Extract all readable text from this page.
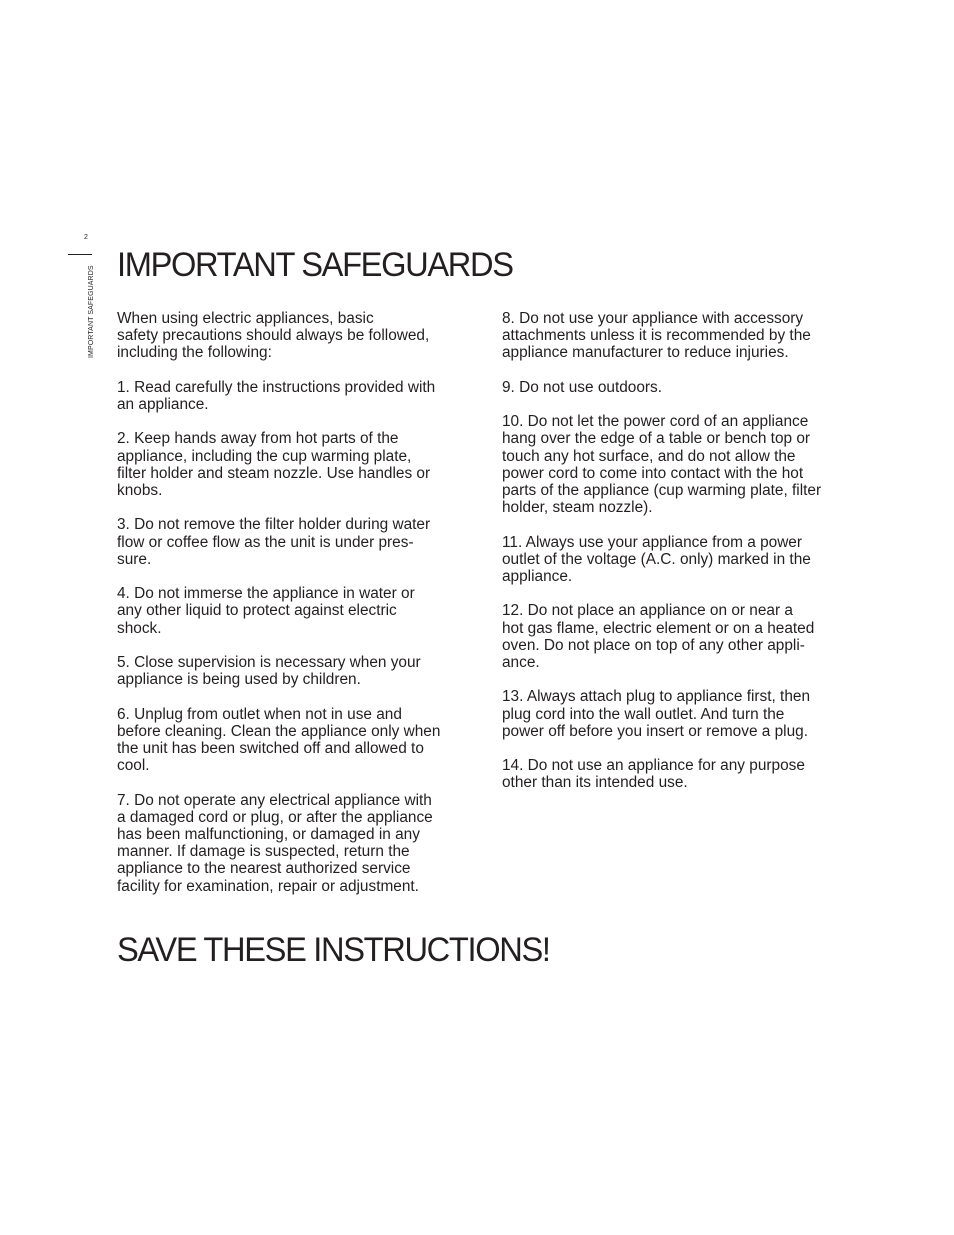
2
IMPORTANT SAFEGUARDS
IMPORTANT SAFEGUARDS

When using electric appliances, basic
safety precautions should always be followed,
including the following:

1. Read carefully the instructions provided with
an appliance.

2. Keep hands away from hot parts of the
appliance, including the cup warming plate,
filter holder and steam nozzle. Use handles or
knobs.

3. Do not remove the filter holder during water
flow or coffee flow as the unit is under pres-
sure.

4. Do not immerse the appliance in water or
any other liquid to protect against electric
shock.

5. Close supervision is necessary when your
appliance is being used by children.

6. Unplug from outlet when not in use and
before cleaning. Clean the appliance only when
the unit has been switched off and allowed to
cool.

7. Do not operate any electrical appliance with
a damaged cord or plug, or after the appliance
has been malfunctioning, or damaged in any
manner. If damage is suspected, return the
appliance to the nearest authorized service
facility for examination, repair or adjustment.

8. Do not use your appliance with accessory
attachments unless it is recommended by the
appliance manufacturer to reduce injuries.

9. Do not use outdoors.

10. Do not let the power cord of an appliance
hang over the edge of a table or bench top or
touch any hot surface, and do not allow the
power cord to come into contact with the hot
parts of the appliance (cup warming plate, filter
holder, steam nozzle).

11. Always use your appliance from a power
outlet of the voltage (A.C. only) marked in the
appliance.

12. Do not place an appliance on or near a
hot gas flame, electric element or on a heated
oven. Do not place on top of any other appli-
ance.

13. Always attach plug to appliance first, then
plug cord into the wall outlet. And turn the
power off before you insert or remove a plug.

14. Do not use an appliance for any purpose
other than its intended use.

SAVE THESE INSTRUCTIONS!
